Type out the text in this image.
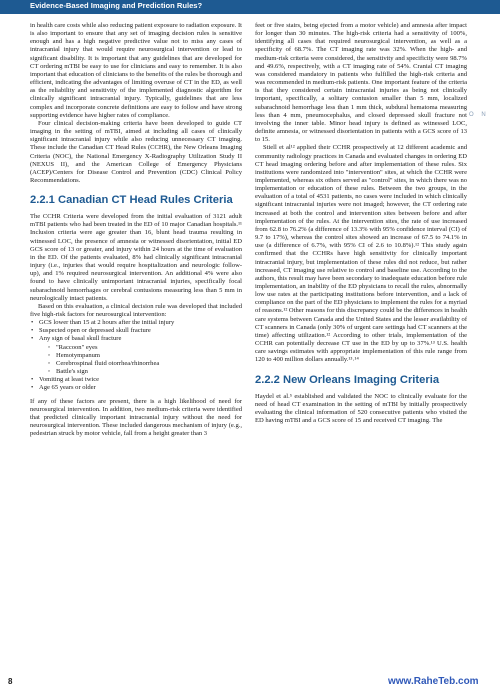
Evidence-Based Imaging and Prediction Rules?

in health care costs while also reducing patient exposure to radiation exposure. It is also important to ensure that any set of imaging decision rules is sensitive enough and has a high negative predictive value not to miss any cases of intracranial injury that would require neurosurgical intervention or lead to significant disability. It is important that any guidelines that are developed for CT ordering mTBI be easy to use for clinicians and easy to remember. It is also important that education of clinicians to the benefits of the rules be thorough and efficient, indicating the advantages of limiting overuse of CT in the ED, as well as the reliability and sensitivity of the implemented diagnostic algorithm for clinically significant intracranial injury. Typically, guidelines that are less complex and incorporate concrete definitions are easy to follow and have strong supporting evidence have higher rates of compliance.

Four clinical decision-making criteria have been developed to guide CT imaging in the setting of mTBI, aimed at including all cases of clinically significant intracranial injury while also reducing unnecessary CT imaging. These include the Canadian CT Head Rules (CCHR), the New Orleans Imaging Criteria (NOC), the National Emergency X-Radiography Utilization Study II (NEXUS II), and the American College of Emergency Physicians (ACEP)/Centers for Disease Control and Prevention (CDC) Clinical Policy Recommendations.

2.2.1 Canadian CT Head Rules Criteria

The CCHR Criteria were developed from the initial evaluation of 3121 adult mTBI patients who had been treated in the ED of 10 major Canadian hospitals.¹¹ Inclusion criteria were age greater than 16, blunt head trauma resulting in witnessed LOC, the presence of amnesia or witnessed disorientation, initial ED GCS score of 13 or greater, and injury within 24 hours at the time of evaluation in the ED. Of the patients evaluated, 8% had clinically significant intracranial injury (i.e., injuries that would require hospitalization and neurologic follow-up), and 1% required neurosurgical intervention. An additional 4% were also found to have clinically unimportant intracranial injuries, specifically focal subarachnoid hemorrhages or cerebral contusions measuring less than 5 mm in neurologically intact patients.

Based on this evaluation, a clinical decision rule was developed that included five high-risk factors for neurosurgical intervention:

• GCS lower than 15 at 2 hours after the initial injury
• Suspected open or depressed skull fracture
• Any sign of basal skull fracture
◦ "Raccoon" eyes
◦ Hemotympanum
◦ Cerebrospinal fluid otorrhea/rhinorrhea
◦ Battle's sign
• Vomiting at least twice
• Age 65 years or older

If any of these factors are present, there is a high likelihood of need for neurosurgical intervention. In addition, two medium-risk criteria were identified that predicted clinically important intracranial injury without the need for neurosurgical intervention. These included dangerous mechanism of injury (e.g., pedestrian struck by motor vehicle, fall from a height greater than 3

feet or five stairs, being ejected from a motor vehicle) and amnesia after impact for longer than 30 minutes. The high-risk criteria had a sensitivity of 100%, identifying all cases that required neurosurgical intervention, as well as a specificity of 68.7%. The CT imaging rate was 32%. When the high- and medium-risk criteria were considered, the sensitivity and specificity were 98.7% and 49.6%, respectively, with a CT imaging rate of 54%. Cranial CT imaging was considered mandatory in patients who fulfilled the high-risk criteria and was recommended in medium-risk patients. One important feature of the criteria is that they considered certain intracranial injuries as being not clinically important, specifically, a solitary contusion smaller than 5 mm, localized subarachnoid hemorrhage less than 1 mm thick, subdural hematoma measuring less than 4 mm, pneumocephalus, and closed depressed skull fracture not involving the inner table. Minor head injury is defined as witnessed LOC, definite amnesia, or witnessed disorientation in patients with a GCS score of 13 to 15.

Stiell et al¹² applied their CCHR prospectively at 12 different academic and community radiology practices in Canada and evaluated changes in ordering ED CT head imaging ordering before and after implementation of these rules. Six institutions were randomized into "intervention" sites, at which the CCHR were implemented, whereas six others served as "control" sites, in which there was no implementation or education of these rules. Between the two groups, in the evaluation of a total of 4531 patients, no cases were included in which clinically significant intracranial injuries were not imaged; however, the CT ordering rate increased at both the control and intervention sites between before and after implementation of the rules. At the intervention sites, the rate of use increased from 62.8 to 76.2% (a difference of 13.3% with 95% confidence interval (CI) of 9.7 to 17%), whereas the control sites showed an increase of 67.5 to 74.1% in use (a difference of 6.7%, with 95% CI of 2.6 to 10.8%).¹² This study again confirmed that the CCHRs have high sensitivity for clinically important intracranial injury, but implementation of these rules did not reduce, but rather increased, CT imaging use relative to control and baseline use. According to the authors, this result may have been secondary to inadequate education before rule implementation, an inability of the ED physicians to recall the rules, abnormally low use rates at the participating institutions before intervention, and a lack of compliance on the part of the ED physicians to implement the rules for a myriad of reasons.¹² Other reasons for this discrepancy could be the differences in health care systems between Canada and the United States and the lesser availability of CT scanners in Canada (only 30% of urgent care settings had CT scanners at the time) affecting utilization.¹² According to other trials, implementation of the CCHR can potentially decrease CT use in the ED by up to 37%.¹³ U.S. health care savings estimates with appropriate implementation of this rule range from 120 to 400 million dollars annually.¹³˒¹⁴

2.2.2 New Orleans Imaging Criteria

Haydel et al.⁵ established and validated the NOC to clinically evaluate for the need of head CT examination in the setting of mTBI by initially prospectively evaluating the clinical information of 520 consecutive patients who visited the ED having mTBI and a GCS score of 15 and received CT imaging. The

O N
8	www.RaheTeb.com
